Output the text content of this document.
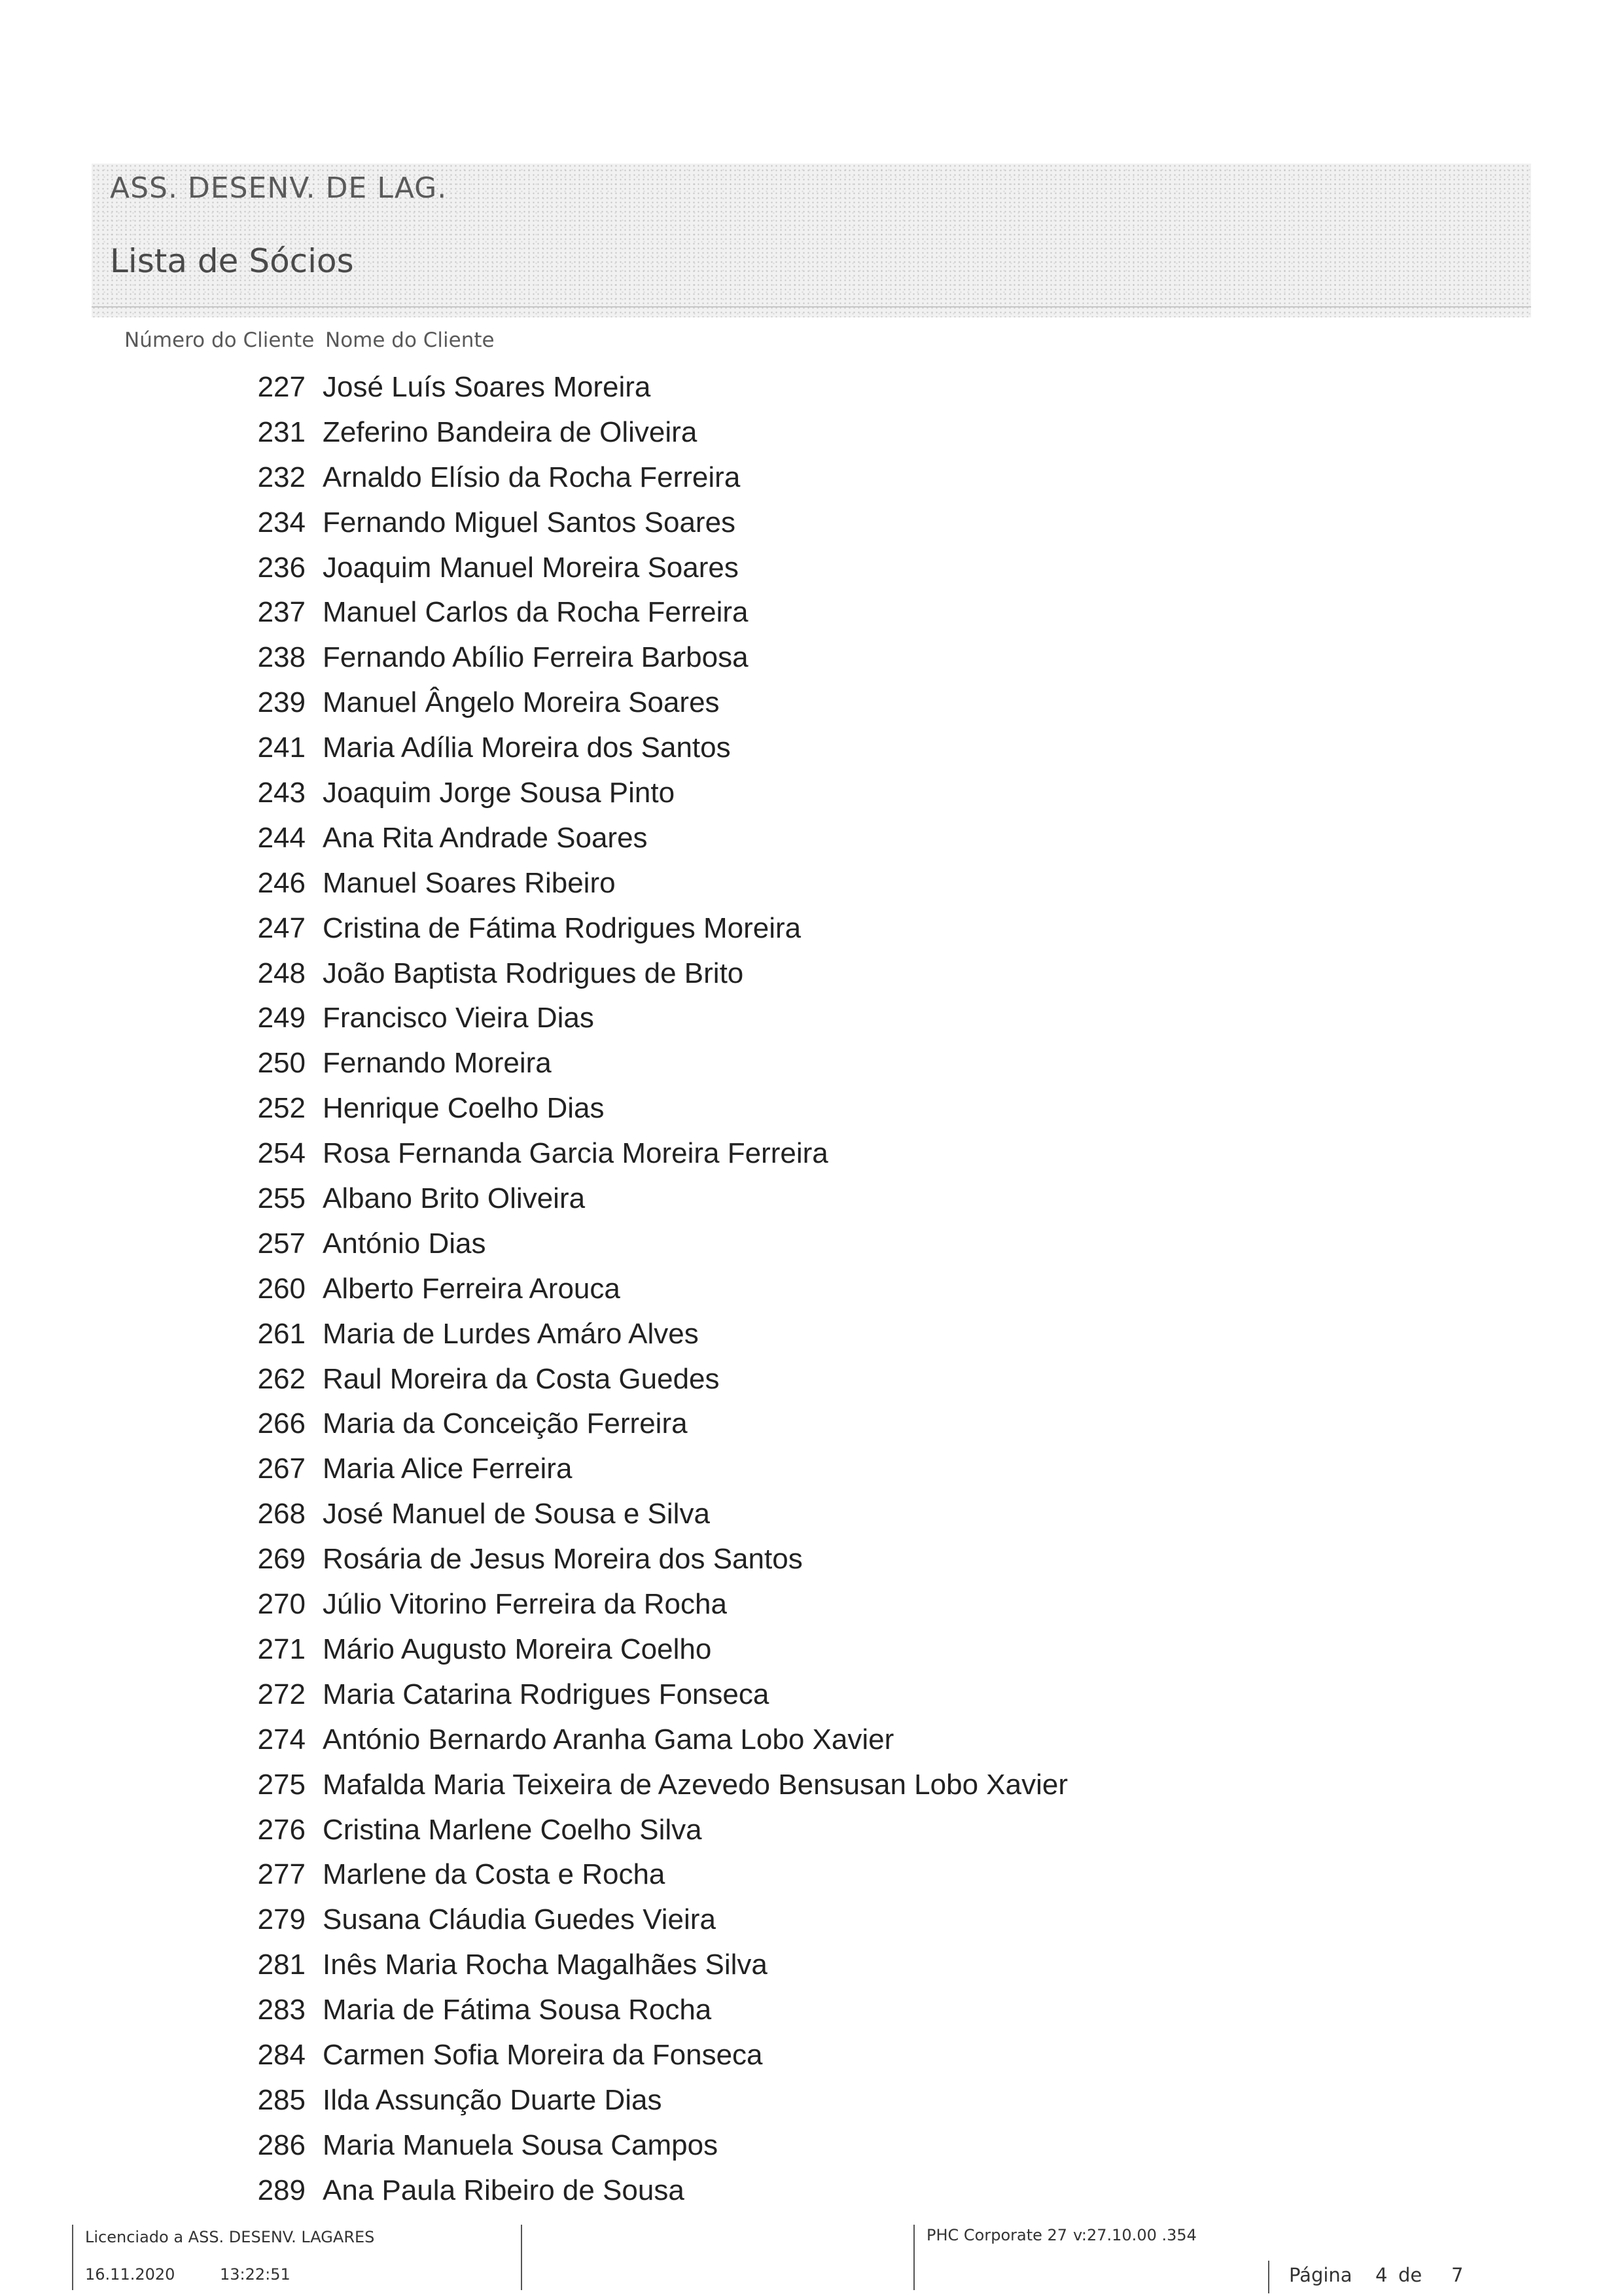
ASS. DESENV. DE LAG.
Lista de Sócios
Número do Cliente Nome do Cliente
227 José Luís Soares Moreira
231 Zeferino Bandeira de Oliveira
232 Arnaldo Elísio da Rocha Ferreira
234 Fernando Miguel Santos Soares
236 Joaquim Manuel Moreira Soares
237 Manuel Carlos da Rocha Ferreira
238 Fernando Abílio Ferreira Barbosa
239 Manuel Ângelo Moreira Soares
241 Maria Adília Moreira dos Santos
243 Joaquim Jorge Sousa Pinto
244 Ana Rita Andrade Soares
246 Manuel Soares Ribeiro
247 Cristina de Fátima Rodrigues Moreira
248 João Baptista Rodrigues de Brito
249 Francisco Vieira Dias
250 Fernando Moreira
252 Henrique Coelho Dias
254 Rosa Fernanda Garcia Moreira Ferreira
255 Albano Brito Oliveira
257 António Dias
260 Alberto Ferreira Arouca
261 Maria de Lurdes Amáro Alves
262 Raul Moreira da Costa Guedes
266 Maria da Conceição Ferreira
267 Maria Alice Ferreira
268 José Manuel de Sousa e Silva
269 Rosária de Jesus Moreira dos Santos
270 Júlio Vitorino Ferreira da Rocha
271 Mário Augusto Moreira Coelho
272 Maria Catarina Rodrigues Fonseca
274 António Bernardo Aranha Gama Lobo Xavier
275 Mafalda Maria Teixeira de Azevedo Bensusan Lobo Xavier
276 Cristina Marlene Coelho Silva
277 Marlene da Costa e Rocha
279 Susana Cláudia Guedes Vieira
281 Inês Maria Rocha Magalhães Silva
283 Maria de Fátima Sousa Rocha
284 Carmen Sofia Moreira da Fonseca
285 Ilda Assunção Duarte Dias
286 Maria Manuela Sousa Campos
289 Ana Paula Ribeiro de Sousa
Licenciado a ASS. DESENV. LAGARES
16.11.2020	13:22:51
PHC Corporate 27 v:27.10.00 .354
Página 4 de 7
